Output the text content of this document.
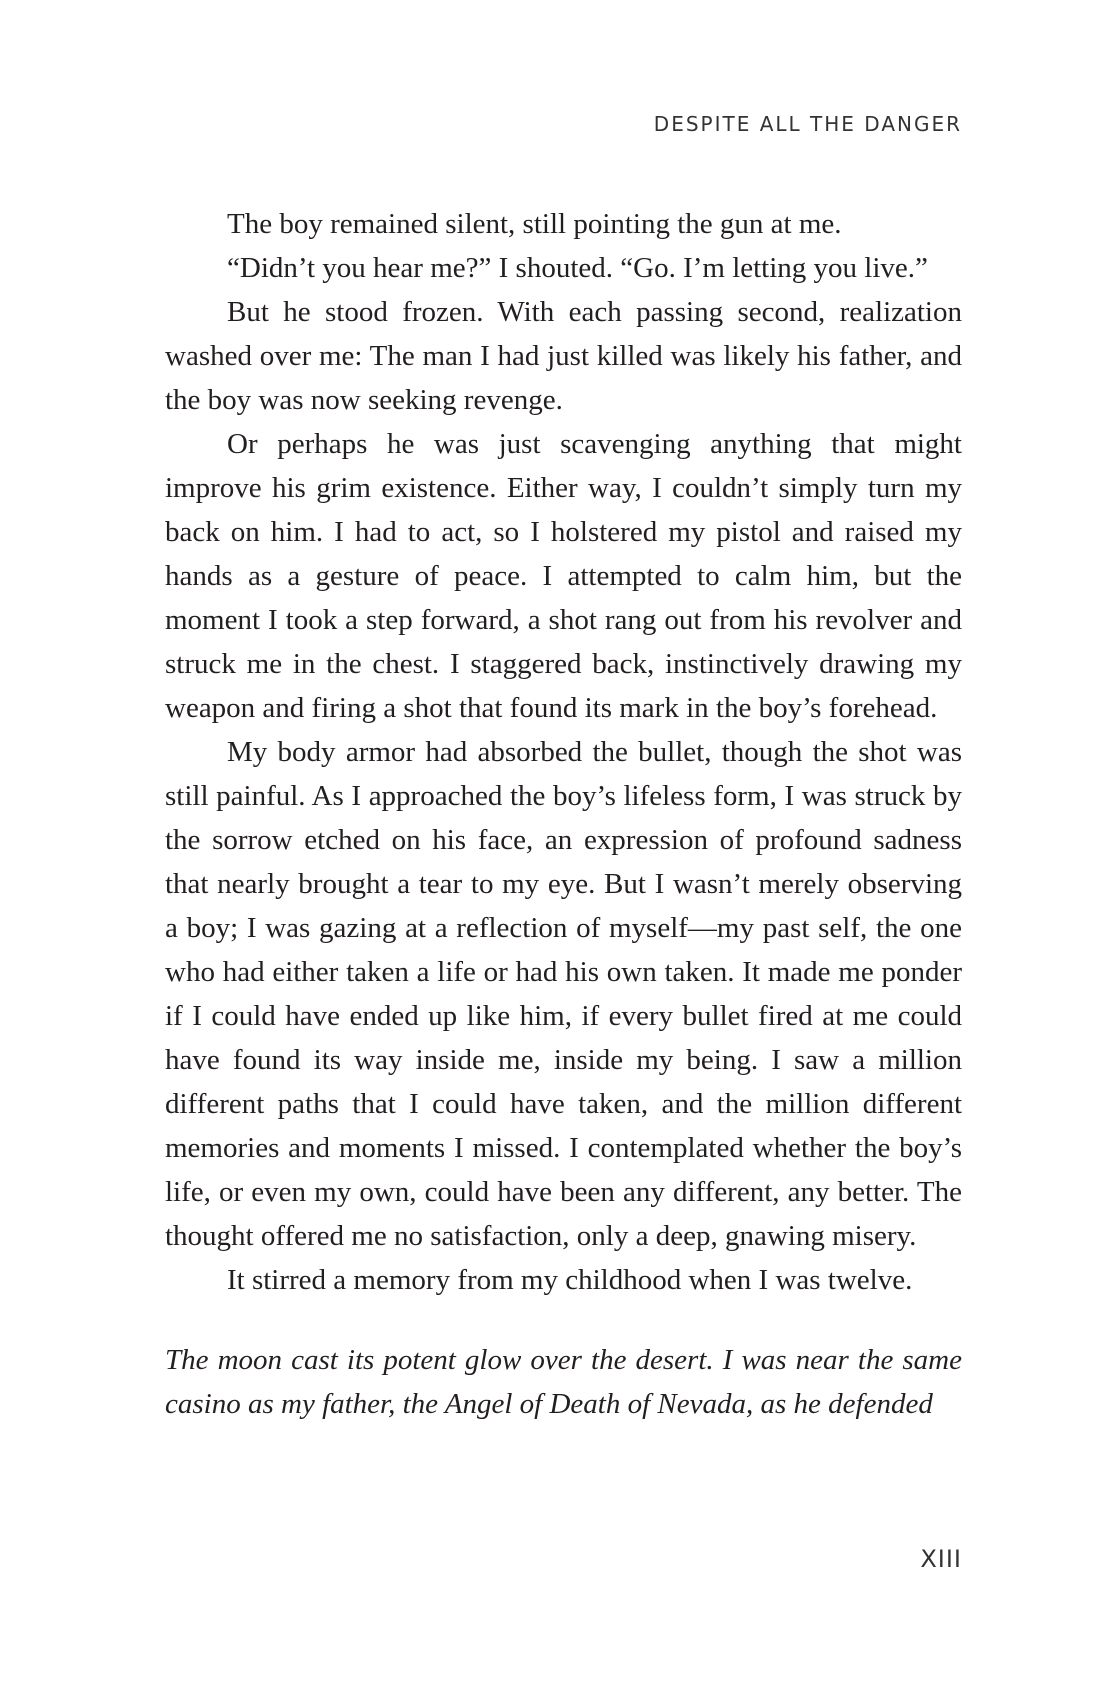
DESPITE ALL THE DANGER

The boy remained silent, still pointing the gun at me.

“Didn’t you hear me?” I shouted. “Go. I’m letting you live.”

But he stood frozen. With each passing second, realization washed over me: The man I had just killed was likely his father, and the boy was now seeking revenge.

Or perhaps he was just scavenging anything that might improve his grim existence. Either way, I couldn’t simply turn my back on him. I had to act, so I holstered my pistol and raised my hands as a gesture of peace. I attempted to calm him, but the moment I took a step forward, a shot rang out from his revolver and struck me in the chest. I staggered back, instinctively drawing my weapon and firing a shot that found its mark in the boy’s forehead.

My body armor had absorbed the bullet, though the shot was still painful. As I approached the boy’s lifeless form, I was struck by the sorrow etched on his face, an expression of profound sadness that nearly brought a tear to my eye. But I wasn’t merely observing a boy; I was gazing at a reflection of myself—my past self, the one who had either taken a life or had his own taken. It made me ponder if I could have ended up like him, if every bullet fired at me could have found its way inside me, inside my being. I saw a million different paths that I could have taken, and the million different memories and moments I missed. I contemplated whether the boy’s life, or even my own, could have been any different, any better. The thought offered me no satisfaction, only a deep, gnawing misery.

It stirred a memory from my childhood when I was twelve.

The moon cast its potent glow over the desert. I was near the same casino as my father, the Angel of Death of Nevada, as he defended

XIII
